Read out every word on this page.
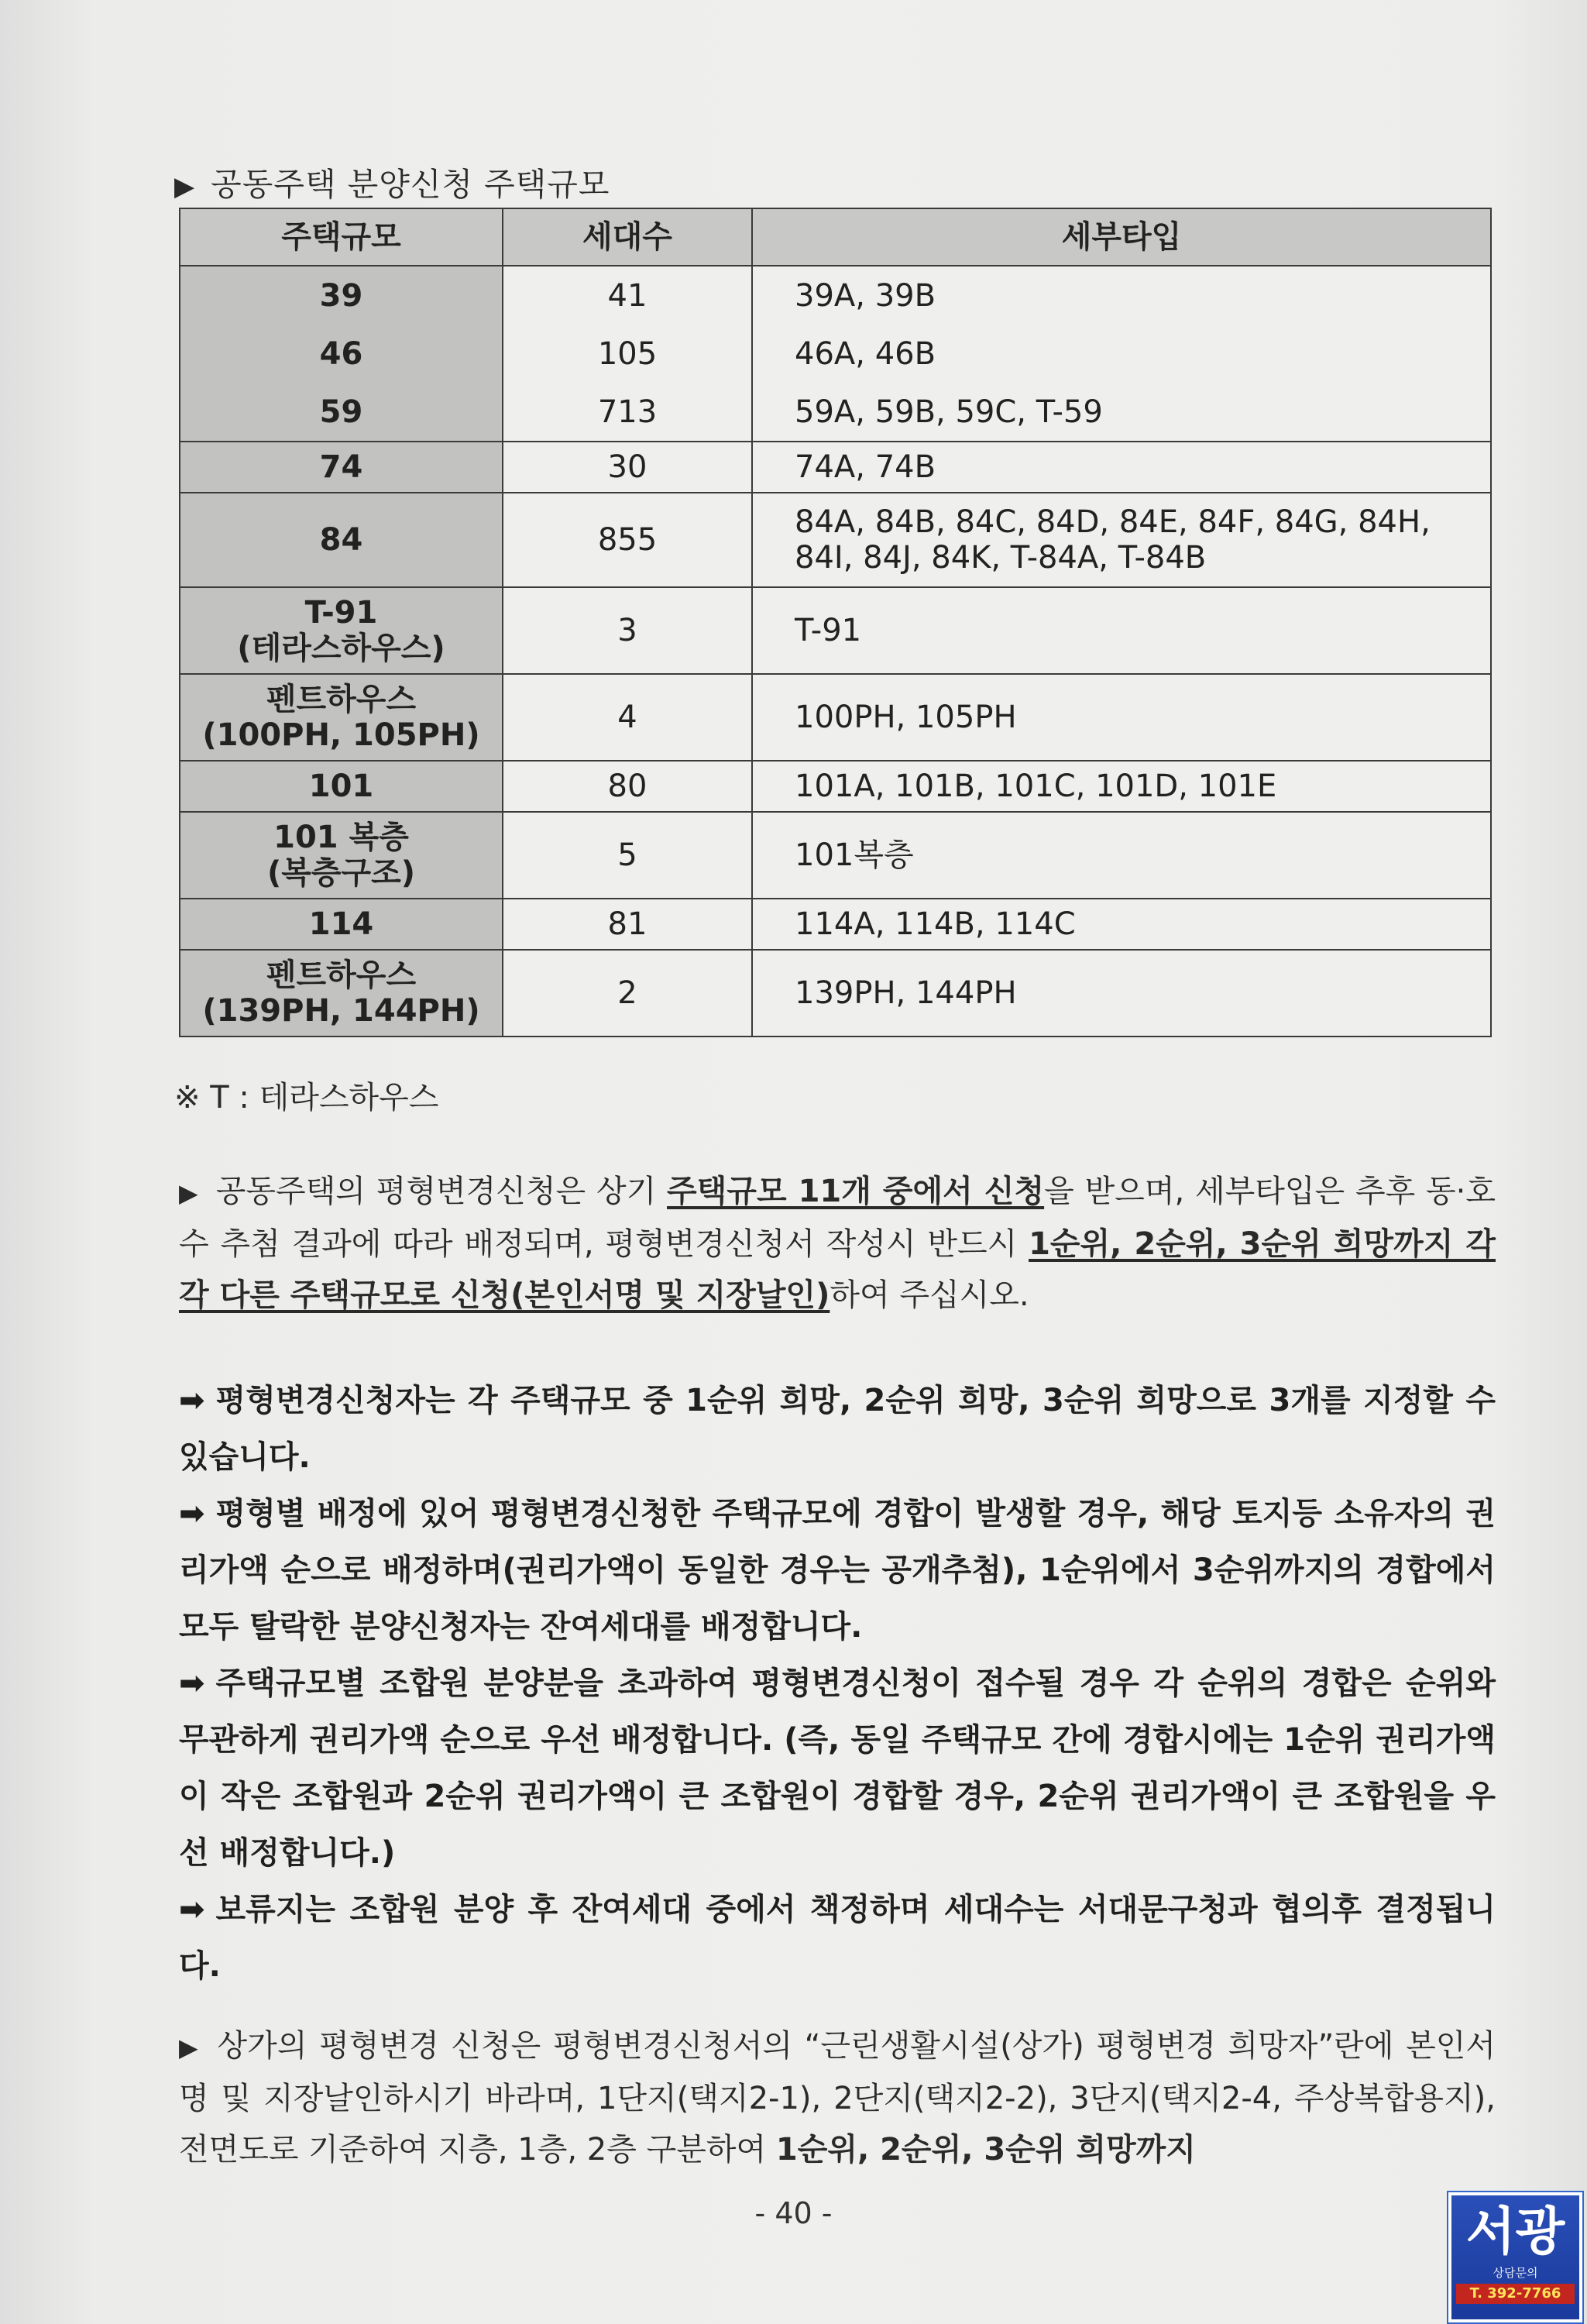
▶ 공동주택 분양신청 주택규모
주택규모	세대수	세부타입
39	41	39A, 39B
46	105	46A, 46B
59	713	59A, 59B, 59C, T-59
74	30	74A, 74B
84	855	84A, 84B, 84C, 84D, 84E, 84F, 84G, 84H,
84I, 84J, 84K, T-84A, T-84B

T-91
(테라스하우스)	3	T-91

펜트하우스
(100PH, 105PH)	4	100PH, 105PH
101	80	101A, 101B, 101C, 101D, 101E

101 복층
(복층구조)	5	101복층
114	81	114A, 114B, 114C

펜트하우스
(139PH, 144PH)	2	139PH, 144PH
※ T : 테라스하우스
▶ 공동주택의 평형변경신청은 상기 주택규모 11개 중에서 신청을 받으며, 세부타입은 추후 동·호수 추첨 결과에 따라 배정되며, 평형변경신청서 작성시 반드시 1순위, 2순위, 3순위 희망까지 각각 다른 주택규모로 신청(본인서명 및 지장날인)하여 주십시오.

➡ 평형변경신청자는 각 주택규모 중 1순위 희망, 2순위 희망, 3순위 희망으로 3개를 지정할 수 있습니다.

➡ 평형별 배정에 있어 평형변경신청한 주택규모에 경합이 발생할 경우, 해당 토지등 소유자의 권리가액 순으로 배정하며(권리가액이 동일한 경우는 공개추첨), 1순위에서 3순위까지의 경합에서 모두 탈락한 분양신청자는 잔여세대를 배정합니다.

➡ 주택규모별 조합원 분양분을 초과하여 평형변경신청이 접수될 경우 각 순위의 경합은 순위와 무관하게 권리가액 순으로 우선 배정합니다. (즉, 동일 주택규모 간에 경합시에는 1순위 권리가액이 작은 조합원과 2순위 권리가액이 큰 조합원이 경합할 경우, 2순위 권리가액이 큰 조합원을 우선 배정합니다.)

➡ 보류지는 조합원 분양 후 잔여세대 중에서 책정하며 세대수는 서대문구청과 협의후 결정됩니다.

▶ 상가의 평형변경 신청은 평형변경신청서의 “근린생활시설(상가) 평형변경 희망자”란에 본인서명 및 지장날인하시기 바라며, 1단지(택지2-1), 2단지(택지2-2), 3단지(택지2-4, 주상복합용지), 전면도로 기준하여 지층, 1층, 2층 구분하여 1순위, 2순위, 3순위 희망까지
- 40 -	서광
상담문의
T. 392-7766
